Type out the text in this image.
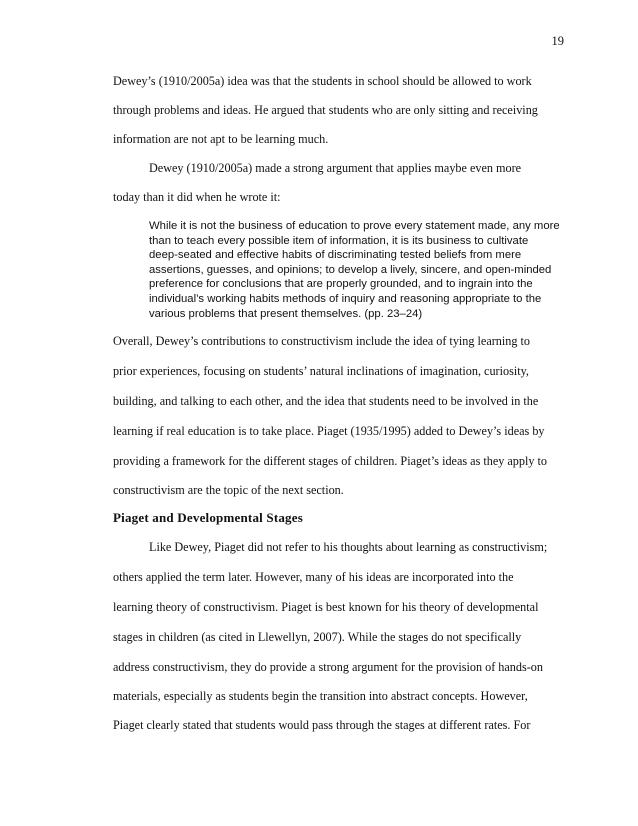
19
Dewey’s (1910/2005a) idea was that the students in school should be allowed to work
through problems and ideas. He argued that students who are only sitting and receiving
information are not apt to be learning much.
Dewey (1910/2005a) made a strong argument that applies maybe even more
today than it did when he wrote it:
While it is not the business of education to prove every statement made, any more
than to teach every possible item of information, it is its business to cultivate
deep-seated and effective habits of discriminating tested beliefs from mere
assertions, guesses, and opinions; to develop a lively, sincere, and open-minded
preference for conclusions that are properly grounded, and to ingrain into the
individual’s working habits methods of inquiry and reasoning appropriate to the
various problems that present themselves. (pp. 23–24)
Overall, Dewey’s contributions to constructivism include the idea of tying learning to
prior experiences, focusing on students’ natural inclinations of imagination, curiosity,
building, and talking to each other, and the idea that students need to be involved in the
learning if real education is to take place. Piaget (1935/1995) added to Dewey’s ideas by
providing a framework for the different stages of children. Piaget’s ideas as they apply to
constructivism are the topic of the next section.
Piaget and Developmental Stages
Like Dewey, Piaget did not refer to his thoughts about learning as constructivism;
others applied the term later. However, many of his ideas are incorporated into the
learning theory of constructivism. Piaget is best known for his theory of developmental
stages in children (as cited in Llewellyn, 2007). While the stages do not specifically
address constructivism, they do provide a strong argument for the provision of hands-on
materials, especially as students begin the transition into abstract concepts. However,
Piaget clearly stated that students would pass through the stages at different rates. For
